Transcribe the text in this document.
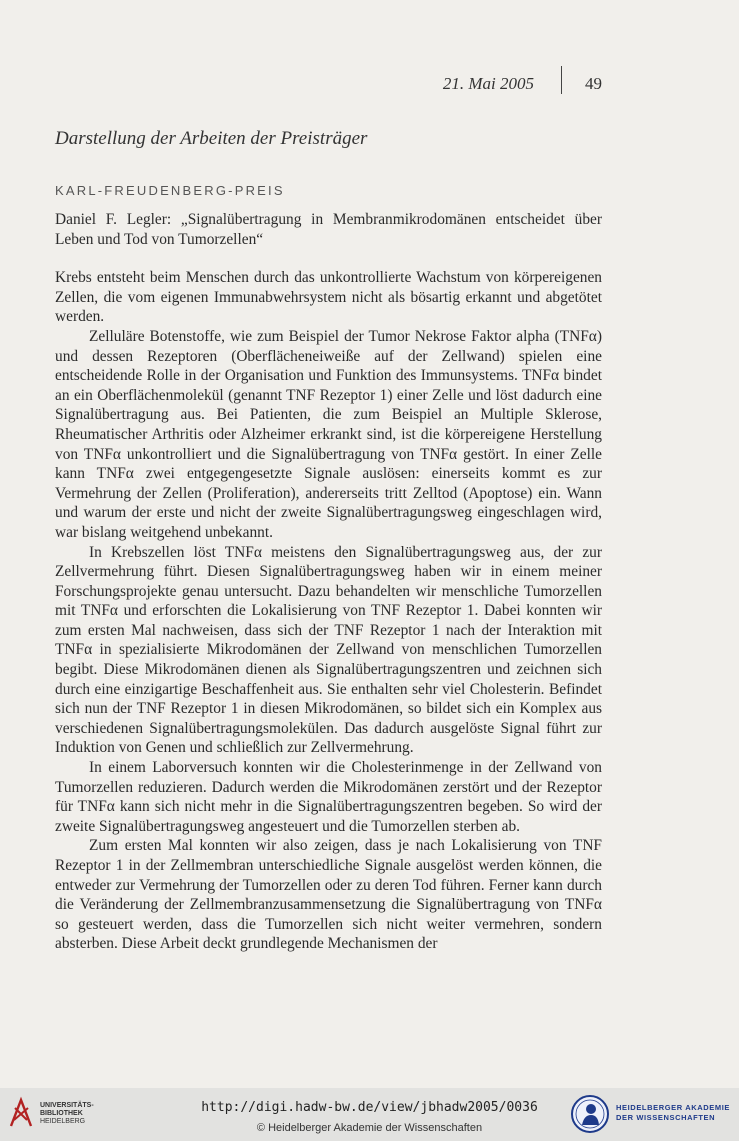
21. Mai 2005	49
Darstellung der Arbeiten der Preisträger
KARL-FREUDENBERG-PREIS

Daniel F. Legler: „Signalübertragung in Membranmikrodomänen entscheidet über Leben und Tod von Tumorzellen“

Krebs entsteht beim Menschen durch das unkontrollierte Wachstum von körpereigenen Zellen, die vom eigenen Immunabwehrsystem nicht als bösartig erkannt und abgetötet werden.

Zelluläre Botenstoffe, wie zum Beispiel der Tumor Nekrose Faktor alpha (TNFα) und dessen Rezeptoren (Oberflächeneiweiße auf der Zellwand) spielen eine entscheidende Rolle in der Organisation und Funktion des Immunsystems. TNFα bindet an ein Oberflächenmolekül (genannt TNF Rezeptor 1) einer Zelle und löst dadurch eine Signalübertragung aus. Bei Patienten, die zum Beispiel an Multiple Sklerose, Rheumatischer Arthritis oder Alzheimer erkrankt sind, ist die körpereigene Herstellung von TNFα unkontrolliert und die Signalübertragung von TNFα gestört. In einer Zelle kann TNFα zwei entgegengesetzte Signale auslösen: einerseits kommt es zur Vermehrung der Zellen (Proliferation), andererseits tritt Zelltod (Apoptose) ein. Wann und warum der erste und nicht der zweite Signalübertragungsweg eingeschlagen wird, war bislang weitgehend unbekannt.

In Krebszellen löst TNFα meistens den Signalübertragungsweg aus, der zur Zellvermehrung führt. Diesen Signalübertragungsweg haben wir in einem meiner Forschungsprojekte genau untersucht. Dazu behandelten wir menschliche Tumorzellen mit TNFα und erforschten die Lokalisierung von TNF Rezeptor 1. Dabei konnten wir zum ersten Mal nachweisen, dass sich der TNF Rezeptor 1 nach der Interaktion mit TNFα in spezialisierte Mikrodomänen der Zellwand von menschlichen Tumorzellen begibt. Diese Mikrodomänen dienen als Signalübertragungszentren und zeichnen sich durch eine einzigartige Beschaffenheit aus. Sie enthalten sehr viel Cholesterin. Befindet sich nun der TNF Rezeptor 1 in diesen Mikrodomänen, so bildet sich ein Komplex aus verschiedenen Signalübertragungsmolekülen. Das dadurch ausgelöste Signal führt zur Induktion von Genen und schließlich zur Zellvermehrung.

In einem Laborversuch konnten wir die Cholesterinmenge in der Zellwand von Tumorzellen reduzieren. Dadurch werden die Mikrodomänen zerstört und der Rezeptor für TNFα kann sich nicht mehr in die Signalübertragungszentren begeben. So wird der zweite Signalübertragungsweg angesteuert und die Tumorzellen sterben ab.

Zum ersten Mal konnten wir also zeigen, dass je nach Lokalisierung von TNF Rezeptor 1 in der Zellmembran unterschiedliche Signale ausgelöst werden können, die entweder zur Vermehrung der Tumorzellen oder zu deren Tod führen. Ferner kann durch die Veränderung der Zellmembranzusammensetzung die Signalübertragung von TNFα so gesteuert werden, dass die Tumorzellen sich nicht weiter vermehren, sondern absterben. Diese Arbeit deckt grundlegende Mechanismen der

UNIVERSITÄTS-
BIBLIOTHEK
HEIDELBERG
http://digi.hadw-bw.de/view/jbhadw2005/0036
© Heidelberger Akademie der Wissenschaften
HEIDELBERGER AKADEMIE
DER WISSENSCHAFTEN
